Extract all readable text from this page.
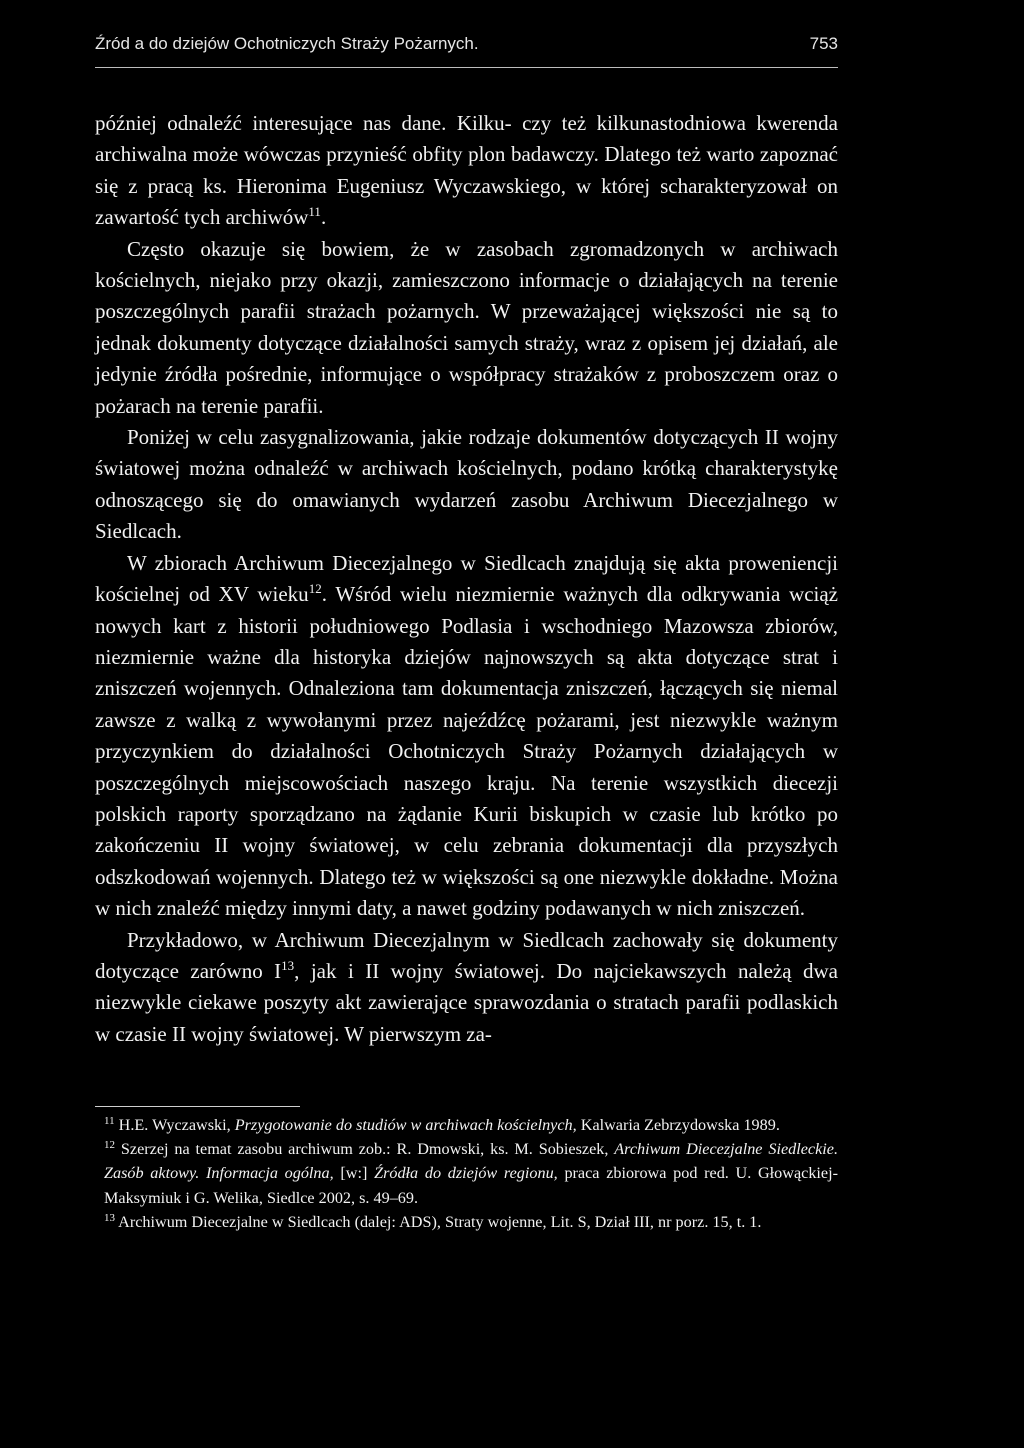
Źród a do dziejów Ochotniczych Straży Pożarnych.	753

później odnaleźć interesujące nas dane. Kilku- czy też kilkunastodniowa kwerenda archiwalna może wówczas przynieść obfity plon badawczy. Dlatego też warto zapoznać się z pracą ks. Hieronima Eugeniusz Wyczawskiego, w której scharakteryzował on zawartość tych archiwów$^{11}$.

Często okazuje się bowiem, że w zasobach zgromadzonych w archiwach kościelnych, niejako przy okazji, zamieszczono informacje o działających na terenie poszczególnych parafii strażach pożarnych. W przeważającej większości nie są to jednak dokumenty dotyczące działalności samych straży, wraz z opisem jej działań, ale jedynie źródła pośrednie, informujące o współpracy strażaków z proboszczem oraz o pożarach na terenie parafii.

Poniżej w celu zasygnalizowania, jakie rodzaje dokumentów dotyczących II wojny światowej można odnaleźć w archiwach kościelnych, podano krótką charakterystykę odnoszącego się do omawianych wydarzeń zasobu Archiwum Diecezjalnego w Siedlcach.

W zbiorach Archiwum Diecezjalnego w Siedlcach znajdują się akta proweniencji kościelnej od XV wieku$^{12}$. Wśród wielu niezmiernie ważnych dla odkrywania wciąż nowych kart z historii południowego Podlasia i wschodniego Mazowsza zbiorów, niezmiernie ważne dla historyka dziejów najnowszych są akta dotyczące strat i zniszczeń wojennych. Odnaleziona tam dokumentacja zniszczeń, łączących się niemal zawsze z walką z wywołanymi przez najeźdźcę pożarami, jest niezwykle ważnym przyczynkiem do działalności Ochotniczych Straży Pożarnych działających w poszczególnych miejscowościach naszego kraju. Na terenie wszystkich diecezji polskich raporty sporządzano na żądanie Kurii biskupich w czasie lub krótko po zakończeniu II wojny światowej, w celu zebrania dokumentacji dla przyszłych odszkodowań wojennych. Dlatego też w większości są one niezwykle dokładne. Można w nich znaleźć między innymi daty, a nawet godziny podawanych w nich zniszczeń.

Przykładowo, w Archiwum Diecezjalnym w Siedlcach zachowały się dokumenty dotyczące zarówno $I^{13}$, jak i II wojny światowej. Do najciekawszych należą dwa niezwykle ciekawe poszyty akt zawierające sprawozdania o stratach parafii podlaskich w czasie II wojny światowej. W pierwszym za-

$^{11}$ H.E. Wyczawski, Przygotowanie do studiów w archiwach kościelnych, Kalwaria Zebrzydowska 1989.

$^{12}$ Szerzej na temat zasobu archiwum zob.: R. Dmowski, ks. M. Sobieszek, Archiwum Diecezjalne Siedleckie. Zasób aktowy. Informacja ogólna, [w:] Źródła do dziejów regionu, praca zbiorowa pod red. U. Głowąckiej-Maksymiuk i G. Welika, Siedlce 2002, s. 49–69.

$^{13}$ Archiwum Diecezjalne w Siedlcach (dalej: ADS), Straty wojenne, Lit. S, Dział III, nr porz. 15, t. 1.
